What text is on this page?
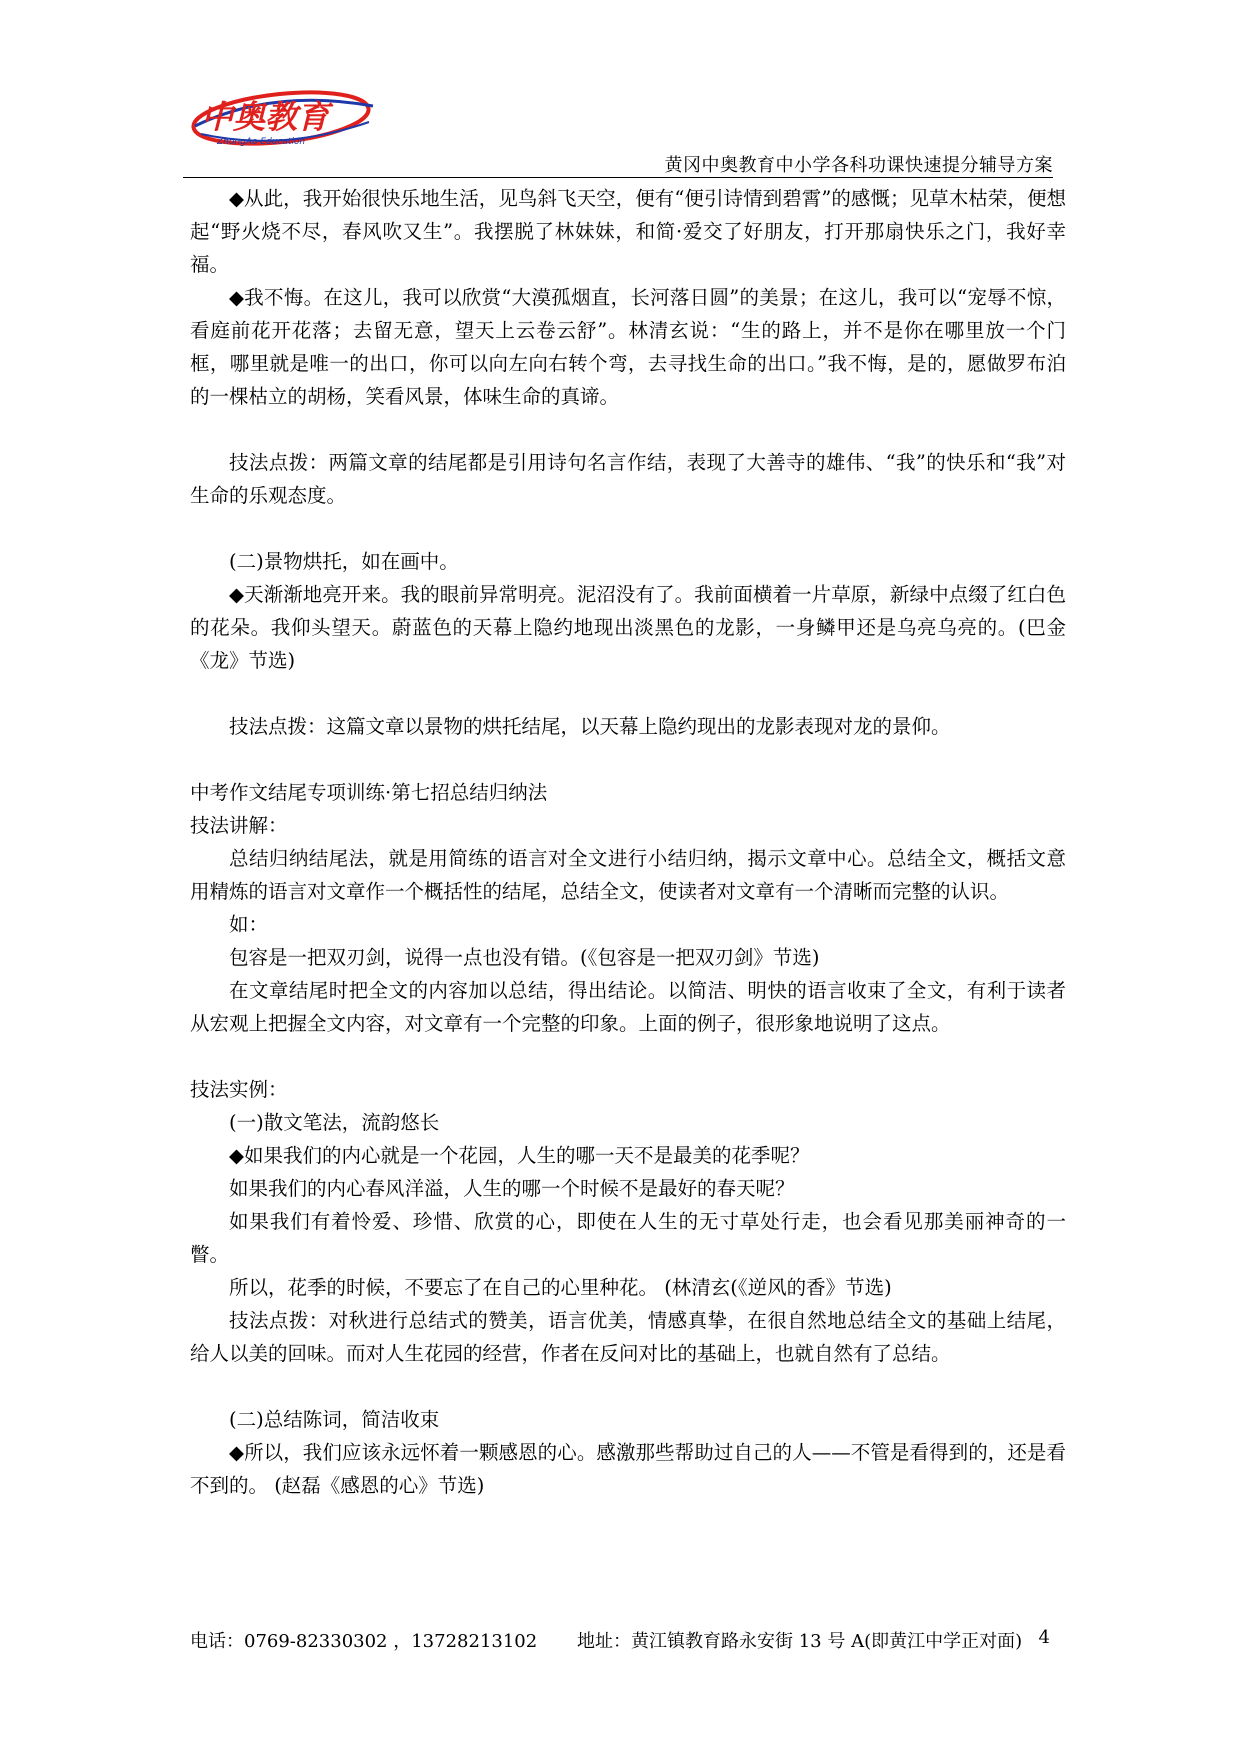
中奥教育
ZhongAo Education
黄冈中奥教育中小学各科功课快速提分辅导方案

◆从此，我开始很快乐地生活，见鸟斜飞天空，便有“便引诗情到碧霄”的感慨；见草木枯荣，便想起“野火烧不尽，春风吹又生”。我摆脱了林妹妹，和简·爱交了好朋友，打开那扇快乐之门，我好幸福。

◆我不悔。在这儿，我可以欣赏“大漠孤烟直，长河落日圆”的美景；在这儿，我可以“宠辱不惊，看庭前花开花落；去留无意，望天上云卷云舒”。林清玄说：“生的路上，并不是你在哪里放一个门框，哪里就是唯一的出口，你可以向左向右转个弯，去寻找生命的出口。”我不悔，是的，愿做罗布泊的一棵枯立的胡杨，笑看风景，体味生命的真谛。

技法点拨：两篇文章的结尾都是引用诗句名言作结，表现了大善寺的雄伟、“我”的快乐和“我”对生命的乐观态度。

(二)景物烘托，如在画中。

◆天渐渐地亮开来。我的眼前异常明亮。泥沼没有了。我前面横着一片草原，新绿中点缀了红白色的花朵。我仰头望天。蔚蓝色的天幕上隐约地现出淡黑色的龙影，一身鳞甲还是乌亮乌亮的。(巴金《龙》节选)

技法点拨：这篇文章以景物的烘托结尾，以天幕上隐约现出的龙影表现对龙的景仰。

中考作文结尾专项训练·第七招总结归纳法

技法讲解：

总结归纳结尾法，就是用简练的语言对全文进行小结归纳，揭示文章中心。总结全文，概括文意用精炼的语言对文章作一个概括性的结尾，总结全文，使读者对文章有一个清晰而完整的认识。

如：

包容是一把双刃剑，说得一点也没有错。(《包容是一把双刃剑》节选)

在文章结尾时把全文的内容加以总结，得出结论。以简洁、明快的语言收束了全文，有利于读者从宏观上把握全文内容，对文章有一个完整的印象。上面的例子，很形象地说明了这点。

技法实例：

(一)散文笔法，流韵悠长

◆如果我们的内心就是一个花园，人生的哪一天不是最美的花季呢？

如果我们的内心春风洋溢，人生的哪一个时候不是最好的春天呢？

如果我们有着怜爱、珍惜、欣赏的心，即使在人生的无寸草处行走，也会看见那美丽神奇的一瞥。

所以，花季的时候，不要忘了在自己的心里种花。 (林清玄(《逆风的香》节选)

技法点拨：对秋进行总结式的赞美，语言优美，情感真挚，在很自然地总结全文的基础上结尾，给人以美的回味。而对人生花园的经营，作者在反问对比的基础上，也就自然有了总结。

(二)总结陈词，简洁收束

◆所以，我们应该永远怀着一颗感恩的心。感激那些帮助过自己的人——不管是看得到的，还是看不到的。 (赵磊《感恩的心》节选)

电话：0769-82330302 ，13728213102 地址：黄江镇教育路永安街 13 号 A(即黄江中学正对面) 4
